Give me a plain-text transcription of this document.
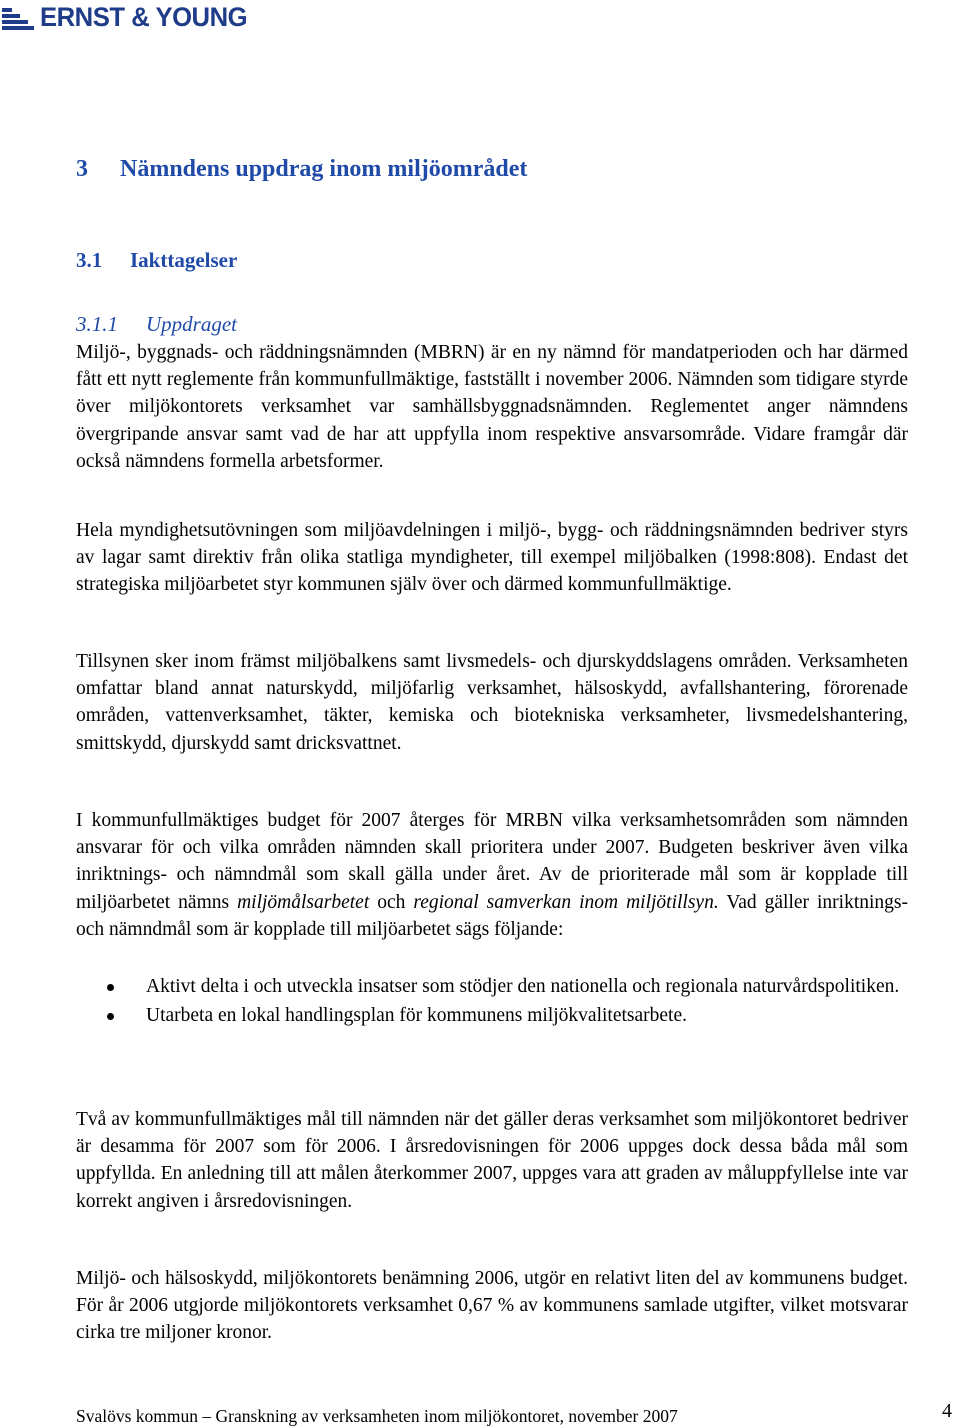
ERNST & YOUNG
3 Nämndens uppdrag inom miljöområdet
3.1 Iakttagelser
3.1.1 Uppdraget

Miljö-, byggnads- och räddningsnämnden (MBRN) är en ny nämnd för mandatperioden och har därmed fått ett nytt reglemente från kommunfullmäktige, fastställt i november 2006. Nämnden som tidigare styrde över miljökontorets verksamhet var samhällsbyggnadsnämnden. Reglementet anger nämndens övergripande ansvar samt vad de har att uppfylla inom respektive ansvarsområde. Vidare framgår där också nämndens formella arbetsformer.

Hela myndighetsutövningen som miljöavdelningen i miljö-, bygg- och räddningsnämnden bedriver styrs av lagar samt direktiv från olika statliga myndigheter, till exempel miljöbalken (1998:808). Endast det strategiska miljöarbetet styr kommunen själv över och därmed kommunfullmäktige.

Tillsynen sker inom främst miljöbalkens samt livsmedels- och djurskyddslagens områden. Verksamheten omfattar bland annat naturskydd, miljöfarlig verksamhet, hälsoskydd, avfallshantering, förorenade områden, vattenverksamhet, täkter, kemiska och biotekniska verksamheter, livsmedelshantering, smittskydd, djurskydd samt dricksvattnet.

I kommunfullmäktiges budget för 2007 återges för MRBN vilka verksamhetsområden som nämnden ansvarar för och vilka områden nämnden skall prioritera under 2007. Budgeten beskriver även vilka inriktnings- och nämndmål som skall gälla under året. Av de prioriterade mål som är kopplade till miljöarbetet nämns miljömålsarbetet och regional samverkan inom miljötillsyn. Vad gäller inriktnings- och nämndmål som är kopplade till miljöarbetet sägs följande:

Aktivt delta i och utveckla insatser som stödjer den nationella och regionala naturvårdspolitiken.
Utarbeta en lokal handlingsplan för kommunens miljökvalitetsarbete.

Två av kommunfullmäktiges mål till nämnden när det gäller deras verksamhet som miljökontoret bedriver är desamma för 2007 som för 2006. I årsredovisningen för 2006 uppges dock dessa båda mål som uppfyllda. En anledning till att målen återkommer 2007, uppges vara att graden av måluppfyllelse inte var korrekt angiven i årsredovisningen.

Miljö- och hälsoskydd, miljökontorets benämning 2006, utgör en relativt liten del av kommunens budget. För år 2006 utgjorde miljökontorets verksamhet 0,67 % av kommunens samlade utgifter, vilket motsvarar cirka tre miljoner kronor.

Svalövs kommun – Granskning av verksamheten inom miljökontoret, november 2007	4
